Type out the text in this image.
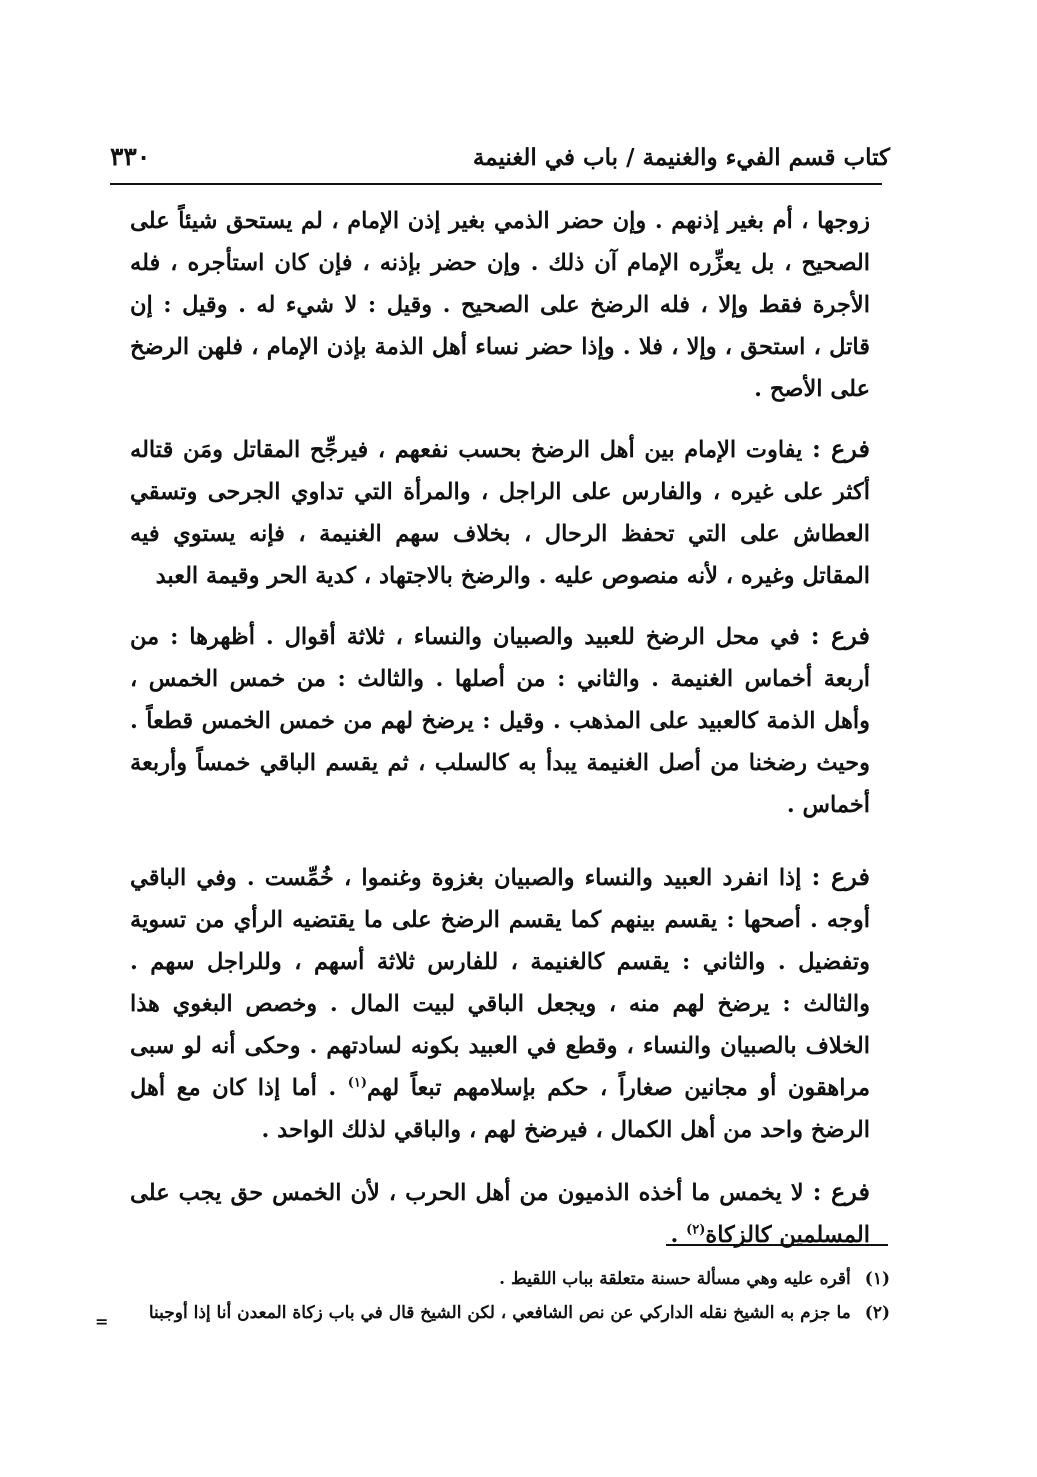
كتاب قسم الفيء والغنيمة / باب في الغنيمة
٣٣٠

زوجها ، أم بغير إذنهم . وإن حضر الذمي بغير إذن الإمام ، لم يستحق شيئاً على الصحيح ، بل يعزِّره الإمام آن ذلك . وإن حضر بإذنه ، فإن كان استأجره ، فله الأجرة فقط وإلا ، فله الرضخ على الصحيح . وقيل : لا شيء له . وقيل : إن قاتل ، استحق ، وإلا ، فلا . وإذا حضر نساء أهل الذمة بإذن الإمام ، فلهن الرضخ على الأصح .

فرع : يفاوت الإمام بين أهل الرضخ بحسب نفعهم ، فيرجِّح المقاتل ومَن قتاله أكثر على غيره ، والفارس على الراجل ، والمرأة التي تداوي الجرحى وتسقي العطاش على التي تحفظ الرحال ، بخلاف سهم الغنيمة ، فإنه يستوي فيه المقاتل وغيره ، لأنه منصوص عليه . والرضخ بالاجتهاد ، كدية الحر وقيمة العبد

فرع : في محل الرضخ للعبيد والصبيان والنساء ، ثلاثة أقوال . أظهرها : من أربعة أخماس الغنيمة . والثاني : من أصلها . والثالث : من خمس الخمس ، وأهل الذمة كالعبيد على المذهب . وقيل : يرضخ لهم من خمس الخمس قطعاً . وحيث رضخنا من أصل الغنيمة يبدأ به كالسلب ، ثم يقسم الباقي خمساً وأربعة أخماس .

فرع : إذا انفرد العبيد والنساء والصبيان بغزوة وغنموا ، خُمِّست . وفي الباقي أوجه . أصحها : يقسم بينهم كما يقسم الرضخ على ما يقتضيه الرأي من تسوية وتفضيل . والثاني : يقسم كالغنيمة ، للفارس ثلاثة أسهم ، وللراجل سهم . والثالث : يرضخ لهم منه ، ويجعل الباقي لبيت المال . وخصص البغوي هذا الخلاف بالصبيان والنساء ، وقطع في العبيد بكونه لسادتهم . وحكى أنه لو سبى مراهقون أو مجانين صغاراً ، حكم بإسلامهم تبعاً لهم$^{(١)}$ . أما إذا كان مع أهل الرضخ واحد من أهل الكمال ، فيرضخ لهم ، والباقي لذلك الواحد .

فرع : لا يخمس ما أخذه الذميون من أهل الحرب ، لأن الخمس حق يجب على المسلمين كالزكاة$^{(٢)}$ .

(١)أقره عليه وهي مسألة حسنة متعلقة بباب اللقيط .

(٢)ما جزم به الشيخ نقله الداركي عن نص الشافعي ، لكن الشيخ قال في باب زكاة المعدن أنا إذا أوجبنا

=
